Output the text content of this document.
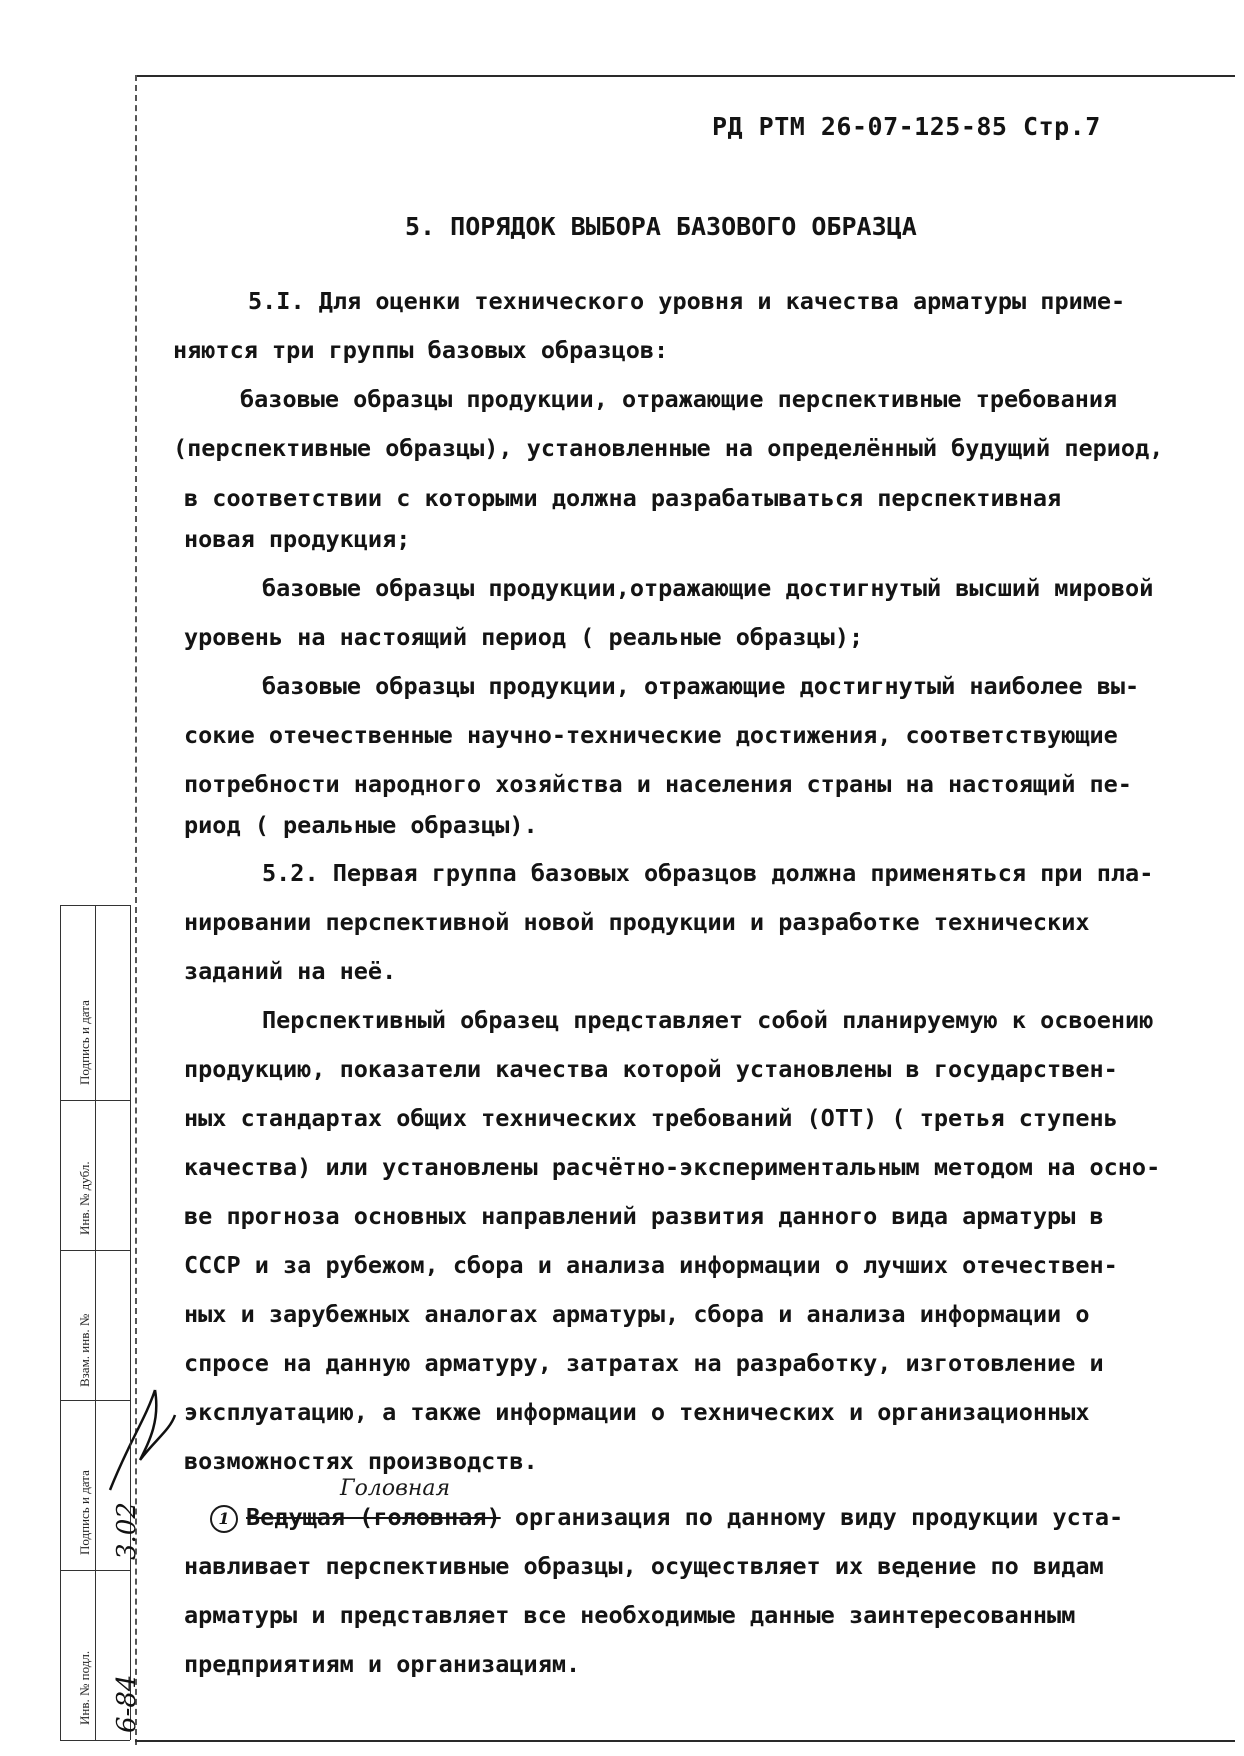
РД РТМ 26-07-125-85 Стр.7
5. ПОРЯДОК ВЫБОРА БАЗОВОГО ОБРАЗЦА
5.I. Для оценки технического уровня и качества арматуры приме-
няются три группы базовых образцов:
базовые образцы продукции, отражающие перспективные требования
(перспективные образцы), установленные на определённый будущий период,
в соответствии с которыми должна разрабатываться перспективная
новая продукция;
базовые образцы продукции,отражающие достигнутый высший мировой
уровень на настоящий период ( реальные образцы);
базовые образцы продукции, отражающие достигнутый наиболее вы-
сокие отечественные научно-технические достижения, соответствующие
потребности народного хозяйства и населения страны на настоящий пе-
риод ( реальные образцы).
5.2. Первая группа базовых образцов должна применяться при пла-
нировании перспективной новой продукции и разработке технических
заданий на неё.
Перспективный образец представляет собой планируемую к освоению
продукцию, показатели качества которой установлены в государствен-
ных стандартах общих технических требований (ОТТ) ( третья ступень
качества) или установлены расчётно-экспериментальным методом на осно-
ве прогноза основных направлений развития данного вида арматуры в
СССР и за рубежом, сбора и анализа информации о лучших отечествен-
ных и зарубежных аналогах арматуры, сбора и анализа информации о
спросе на данную арматуру, затратах на разработку, изготовление и
эксплуатацию, а также информации о технических и организационных
возможностях производств.
Головная
1 Ведущая (головная) организация по данному виду продукции уста-
навливает перспективные образцы, осуществляет их ведение по видам
арматуры и представляет все необходимые данные заинтересованным
предприятиям и организациям.
Подпись и дата
Инв. № дубл.
Взам. инв. №
Подпись и дата
Инв. № подл.
3.02
6-84
